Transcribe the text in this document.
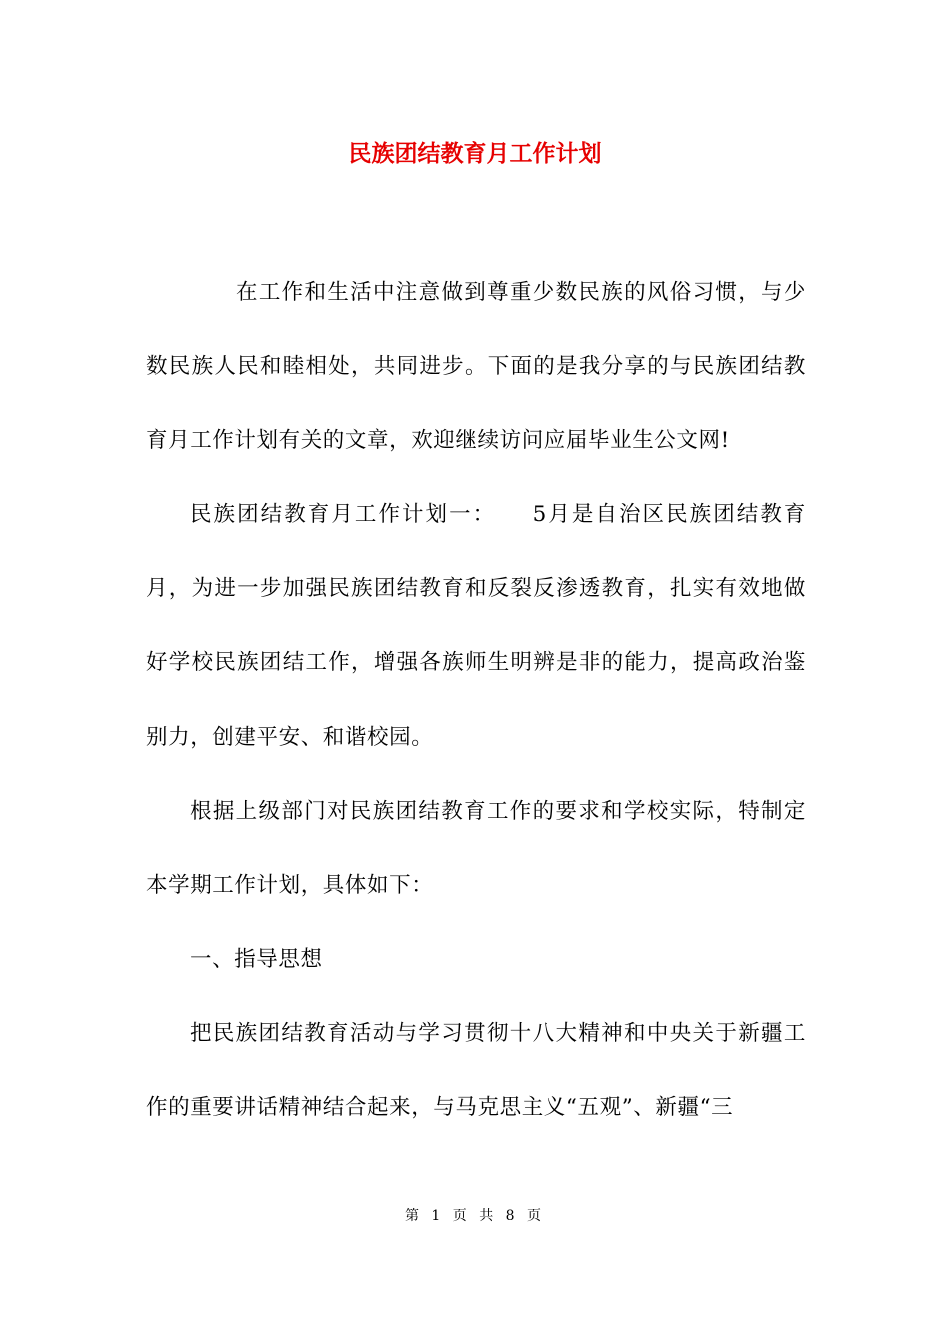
民族团结教育月工作计划

在工作和生活中注意做到尊重少数民族的风俗习惯，与少数民族人民和睦相处，共同进步。下面的是我分享的与民族团结教育月工作计划有关的文章，欢迎继续访问应届毕业生公文网!

民族团结教育月工作计划一：　　5月是自治区民族团结教育月，为进一步加强民族团结教育和反裂反渗透教育，扎实有效地做好学校民族团结工作，增强各族师生明辨是非的能力，提高政治鉴别力，创建平安、和谐校园。

根据上级部门对民族团结教育工作的要求和学校实际，特制定本学期工作计划，具体如下：

一、指导思想

把民族团结教育活动与学习贯彻十八大精神和中央关于新疆工作的重要讲话精神结合起来，与马克思主义“五观”、新疆“三

第 1 页 共 8 页
